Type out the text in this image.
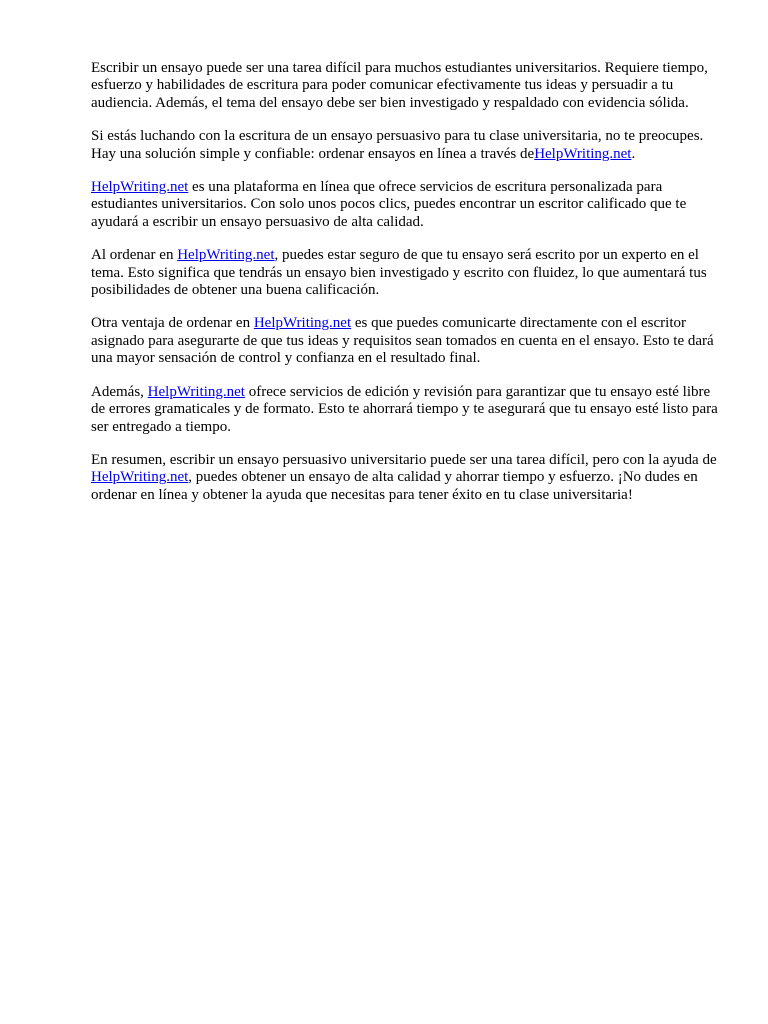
Escribir un ensayo puede ser una tarea difícil para muchos estudiantes universitarios. Requiere tiempo, esfuerzo y habilidades de escritura para poder comunicar efectivamente tus ideas y persuadir a tu audiencia. Además, el tema del ensayo debe ser bien investigado y respaldado con evidencia sólida.

Si estás luchando con la escritura de un ensayo persuasivo para tu clase universitaria, no te preocupes. Hay una solución simple y confiable: ordenar ensayos en línea a través deHelpWriting.net.

HelpWriting.net es una plataforma en línea que ofrece servicios de escritura personalizada para estudiantes universitarios. Con solo unos pocos clics, puedes encontrar un escritor calificado que te ayudará a escribir un ensayo persuasivo de alta calidad.

Al ordenar en HelpWriting.net, puedes estar seguro de que tu ensayo será escrito por un experto en el tema. Esto significa que tendrás un ensayo bien investigado y escrito con fluidez, lo que aumentará tus posibilidades de obtener una buena calificación.

Otra ventaja de ordenar en HelpWriting.net es que puedes comunicarte directamente con el escritor asignado para asegurarte de que tus ideas y requisitos sean tomados en cuenta en el ensayo. Esto te dará una mayor sensación de control y confianza en el resultado final.

Además, HelpWriting.net ofrece servicios de edición y revisión para garantizar que tu ensayo esté libre de errores gramaticales y de formato. Esto te ahorrará tiempo y te asegurará que tu ensayo esté listo para ser entregado a tiempo.

En resumen, escribir un ensayo persuasivo universitario puede ser una tarea difícil, pero con la ayuda de HelpWriting.net, puedes obtener un ensayo de alta calidad y ahorrar tiempo y esfuerzo. ¡No dudes en ordenar en línea y obtener la ayuda que necesitas para tener éxito en tu clase universitaria!
